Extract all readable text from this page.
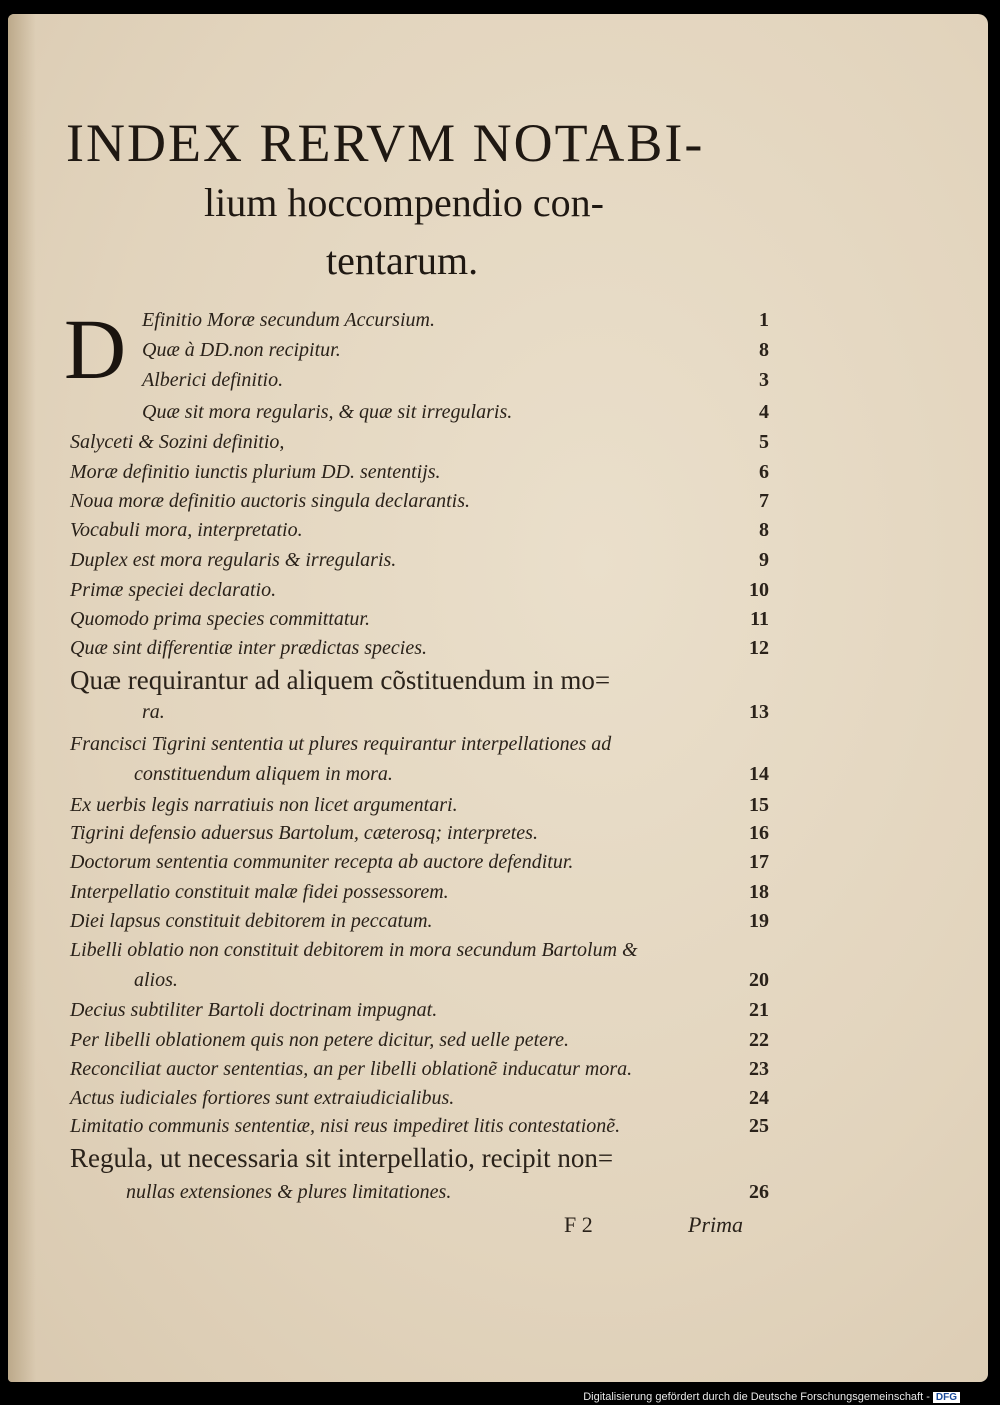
INDEX RERVM NOTABI-
lium hoccompendio con-
tentarum.
D Efinitio Moræ secundum Accursium.	1
Quæ à DD.non recipitur.	8
Alberici definitio.	3
Quæ sit mora regularis, & quæ sit irregularis.	4
Salyceti & Sozini definitio,	5
Moræ definitio iunctis plurium DD. sententijs.	6
Noua moræ definitio auctoris singula declarantis.	7
Vocabuli mora, interpretatio.	8
Duplex est mora regularis & irregularis.	9
Primæ speciei declaratio.	10
Quomodo prima species committatur.	11
Quæ sint differentiæ inter prædictas species.	12
Quæ requirantur ad aliquem cõstituendum in mo=
ra.	13
Francisci Tigrini sententia ut plures requirantur interpellationes ad
constituendum aliquem in mora.	14
Ex uerbis legis narratiuis non licet argumentari.	15
Tigrini defensio aduersus Bartolum, cæterosq; interpretes.	16
Doctorum sententia communiter recepta ab auctore defenditur.	17
Interpellatio constituit malæ fidei possessorem.	18
Diei lapsus constituit debitorem in peccatum.	19
Libelli oblatio non constituit debitorem in mora secundum Bartolum &
alios.	20
Decius subtiliter Bartoli doctrinam impugnat.	21
Per libelli oblationem quis non petere dicitur, sed uelle petere.	22
Reconciliat auctor sententias, an per libelli oblationẽ inducatur mora.	23
Actus iudiciales fortiores sunt extraiudicialibus.	24
Limitatio communis sententiæ, nisi reus impediret litis contestationẽ.	25
Regula, ut necessaria sit interpellatio, recipit non=
nullas extensiones & plures limitationes.	26
F 2	Prima
Digitalisierung gefördert durch die Deutsche Forschungsgemeinschaft - DFG
